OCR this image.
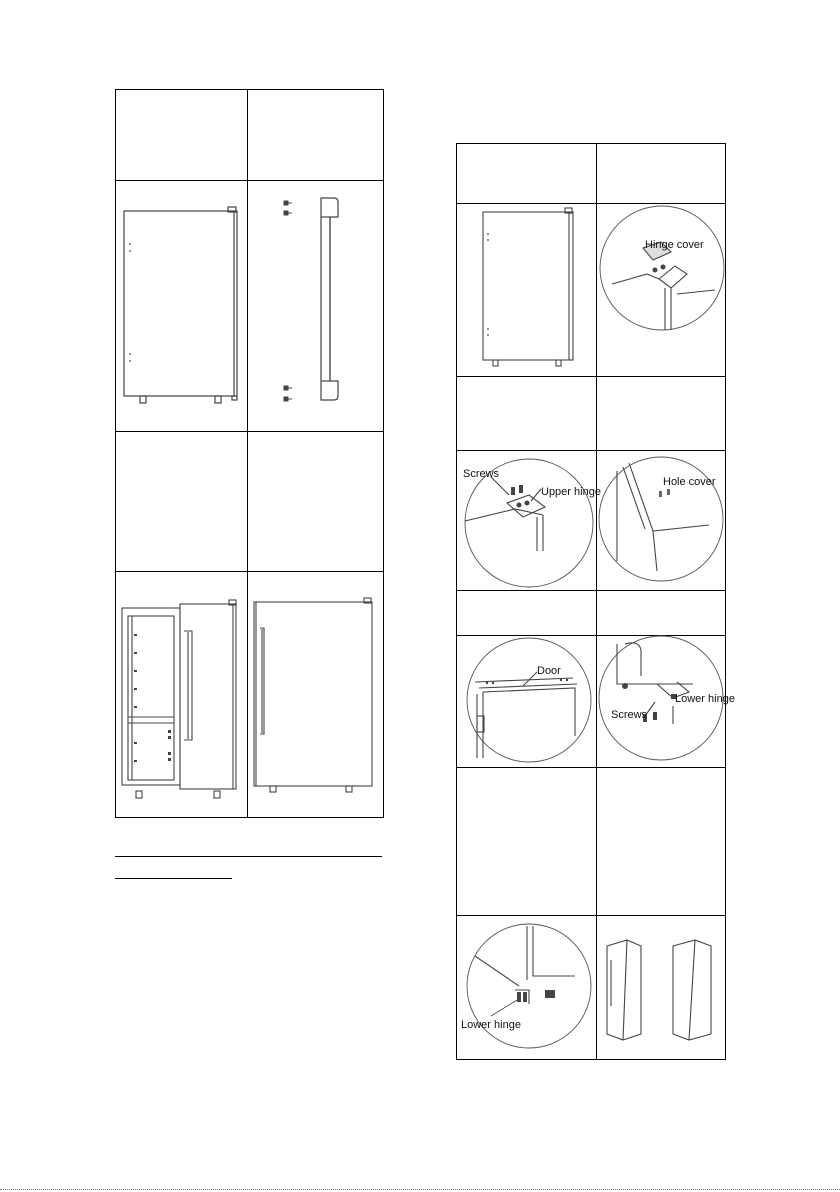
Hinge cover
Screws
Upper hinge
Hole cover
Door
Lower hinge
Screws
Lower hinge
